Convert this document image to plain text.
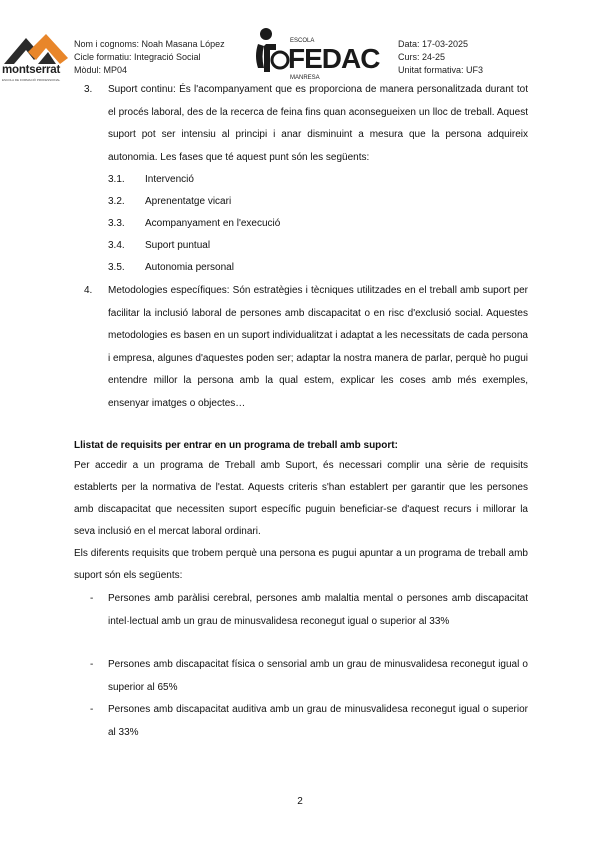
montserrat
ESCOLA DE FORMACIÓ PROFESSIONAL
Nom i cognoms: Noah Masana López
Cicle formatiu: Integració Social
Mòdul: MP04
ESCOLA
FEDAC
MANRESA
Data: 17-03-2025
Curs: 24-25
Unitat formativa: UF3
3. Suport continu: És l'acompanyament que es proporciona de manera personalitzada durant tot el procés laboral, des de la recerca de feina fins quan aconsegueixen un lloc de treball. Aquest suport pot ser intensiu al principi i anar disminuint a mesura que la persona adquireix autonomia. Les fases que té aquest punt són les següents:
3.1. Intervenció
3.2. Aprenentatge vicari
3.3. Acompanyament en l'execució
3.4. Suport puntual
3.5. Autonomia personal
4. Metodologies específiques: Són estratègies i tècniques utilitzades en el treball amb suport per facilitar la inclusió laboral de persones amb discapacitat o en risc d'exclusió social. Aquestes metodologies es basen en un suport individualitzat i adaptat a les necessitats de cada persona i empresa, algunes d'aquestes poden ser; adaptar la nostra manera de parlar, perquè ho pugui entendre millor la persona amb la qual estem, explicar les coses amb més exemples, ensenyar imatges o objectes…
Llistat de requisits per entrar en un programa de treball amb suport:
Per accedir a un programa de Treball amb Suport, és necessari complir una sèrie de requisits establerts per la normativa de l'estat. Aquests criteris s'han establert per garantir que les persones amb discapacitat que necessiten suport específic puguin beneficiar-se d'aquest recurs i millorar la seva inclusió en el mercat laboral ordinari.
Els diferents requisits que trobem perquè una persona es pugui apuntar a un programa de treball amb suport són els següents:
- Persones amb paràlisi cerebral, persones amb malaltia mental o persones amb discapacitat intel·lectual amb un grau de minusvalidesa reconegut igual o superior al 33%
- Persones amb discapacitat física o sensorial amb un grau de minusvalidesa reconegut igual o superior al 65%
- Persones amb discapacitat auditiva amb un grau de minusvalidesa reconegut igual o superior al 33%
2
